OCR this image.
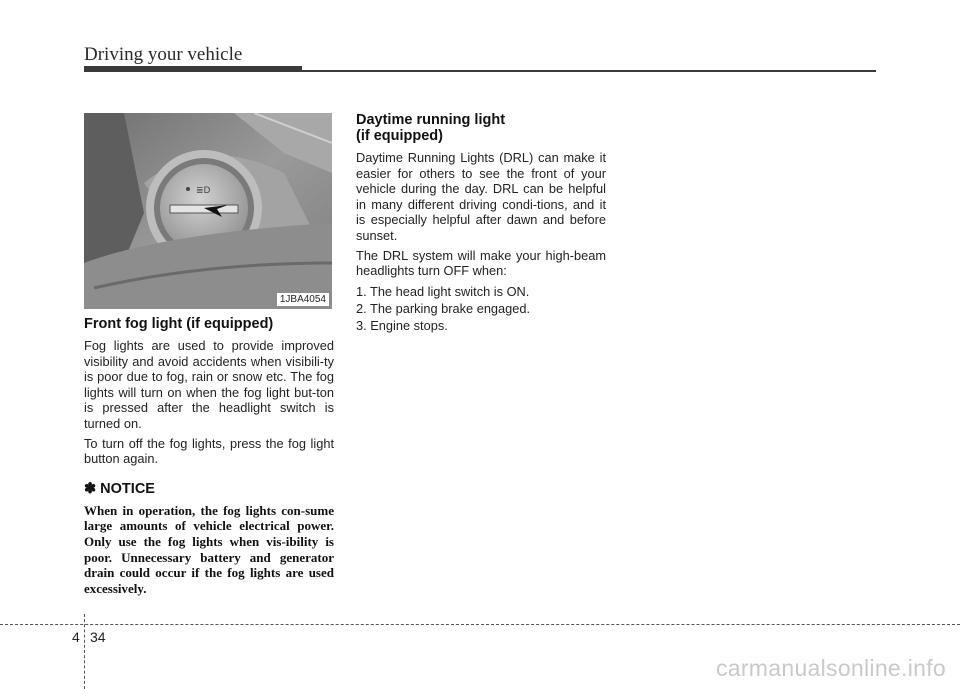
Driving your vehicle
≣D
1JBA4054
Front fog light (if equipped)

Fog lights are used to provide improved visibility and avoid accidents when visibili-ty is poor due to fog, rain or snow etc. The fog lights will turn on when the fog light but-ton is pressed after the headlight switch is turned on.

To turn off the fog lights, press the fog light button again.

✽ NOTICE

When in operation, the fog lights con-sume large amounts of vehicle electrical power. Only use the fog lights when vis-ibility is poor. Unnecessary battery and generator drain could occur if the fog lights are used excessively.

Daytime running light
(if equipped)

Daytime Running Lights (DRL) can make it easier for others to see the front of your vehicle during the day. DRL can be helpful in many different driving condi-tions, and it is especially helpful after dawn and before sunset.

The DRL system will make your high-beam headlights turn OFF when:

1. The head light switch is ON.
2. The parking brake engaged.
3. Engine stops.
4 34
carmanualsonline.info
